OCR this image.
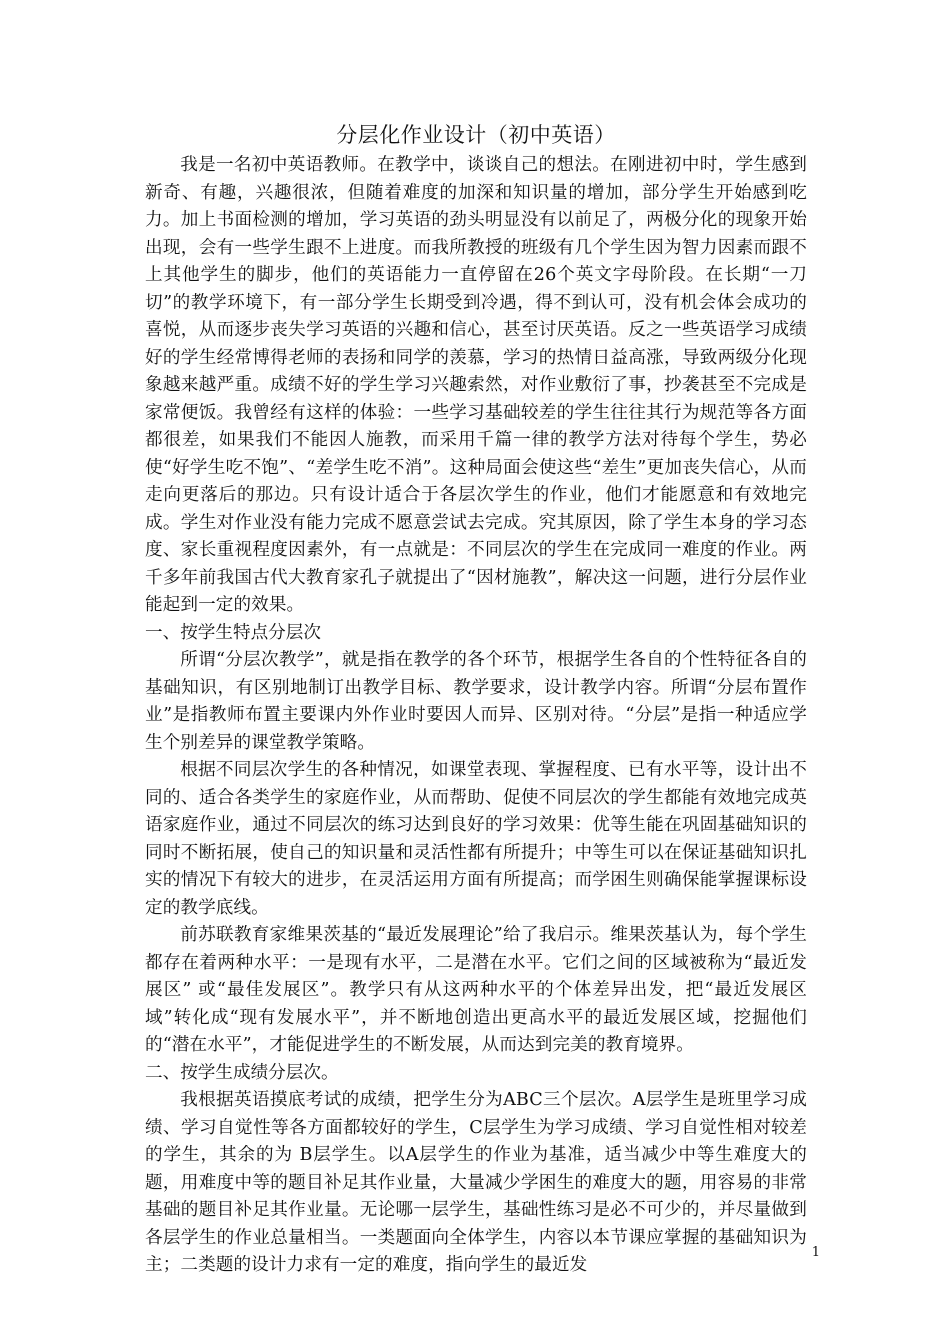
分层化作业设计（初中英语）

我是一名初中英语教师。在教学中，谈谈自己的想法。在刚进初中时，学生感到新奇、有趣，兴趣很浓，但随着难度的加深和知识量的增加，部分学生开始感到吃力。加上书面检测的增加，学习英语的劲头明显没有以前足了，两极分化的现象开始出现，会有一些学生跟不上进度。而我所教授的班级有几个学生因为智力因素而跟不上其他学生的脚步，他们的英语能力一直停留在26个英文字母阶段。在长期“一刀切”的教学环境下，有一部分学生长期受到冷遇，得不到认可，没有机会体会成功的喜悦，从而逐步丧失学习英语的兴趣和信心，甚至讨厌英语。反之一些英语学习成绩好的学生经常博得老师的表扬和同学的羡慕，学习的热情日益高涨，导致两级分化现象越来越严重。成绩不好的学生学习兴趣索然，对作业敷衍了事，抄袭甚至不完成是家常便饭。我曾经有这样的体验：一些学习基础较差的学生往往其行为规范等各方面都很差，如果我们不能因人施教，而采用千篇一律的教学方法对待每个学生，势必使“好学生吃不饱”、“差学生吃不消”。这种局面会使这些“差生”更加丧失信心，从而走向更落后的那边。只有设计适合于各层次学生的作业，他们才能愿意和有效地完成。学生对作业没有能力完成不愿意尝试去完成。究其原因，除了学生本身的学习态度、家长重视程度因素外，有一点就是：不同层次的学生在完成同一难度的作业。两千多年前我国古代大教育家孔子就提出了“因材施教”，解决这一问题，进行分层作业能起到一定的效果。

一、按学生特点分层次

所谓“分层次教学”，就是指在教学的各个环节，根据学生各自的个性特征各自的基础知识，有区别地制订出教学目标、教学要求，设计教学内容。所谓“分层布置作业”是指教师布置主要课内外作业时要因人而异、区别对待。“分层”是指一种适应学生个别差异的课堂教学策略。

根据不同层次学生的各种情况，如课堂表现、掌握程度、已有水平等，设计出不同的、适合各类学生的家庭作业，从而帮助、促使不同层次的学生都能有效地完成英语家庭作业，通过不同层次的练习达到良好的学习效果：优等生能在巩固基础知识的同时不断拓展，使自己的知识量和灵活性都有所提升；中等生可以在保证基础知识扎实的情况下有较大的进步，在灵活运用方面有所提高；而学困生则确保能掌握课标设定的教学底线。

前苏联教育家维果茨基的“最近发展理论”给了我启示。维果茨基认为，每个学生都存在着两种水平：一是现有水平，二是潜在水平。它们之间的区域被称为“最近发展区” 或“最佳发展区”。教学只有从这两种水平的个体差异出发，把“最近发展区域”转化成“现有发展水平”，并不断地创造出更高水平的最近发展区域，挖掘他们的“潜在水平”，才能促进学生的不断发展，从而达到完美的教育境界。

二、按学生成绩分层次。

我根据英语摸底考试的成绩，把学生分为ABC三个层次。A层学生是班里学习成绩、学习自觉性等各方面都较好的学生，C层学生为学习成绩、学习自觉性相对较差的学生，其余的为 B层学生。以A层学生的作业为基准，适当减少中等生难度大的题，用难度中等的题目补足其作业量，大量减少学困生的难度大的题，用容易的非常基础的题目补足其作业量。无论哪一层学生，基础性练习是必不可少的，并尽量做到各层学生的作业总量相当。一类题面向全体学生，内容以本节课应掌握的基础知识为主；二类题的设计力求有一定的难度，指向学生的最近发

1
